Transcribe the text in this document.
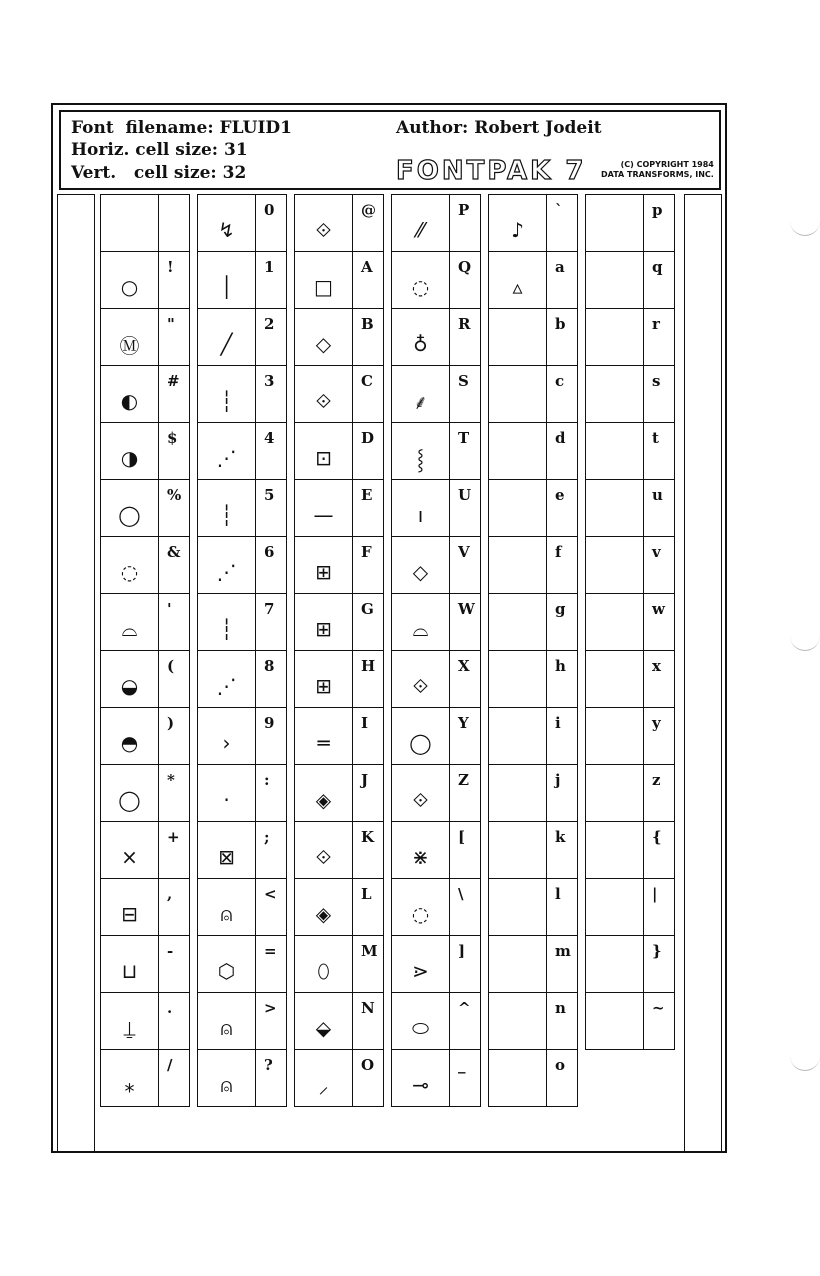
Font  filename: FLUID1	Author: Robert Jodeit
Horiz. cell size: 31
Vert.   cell size: 32	FONTPAK 7	(C) COPYRIGHT 1984
DATA TRANSFORMS, INC.

○	!

Ⓜ	"

◐	#

◑	$

◯	%

◌	&

⌓	'

◒	(

◓	)

◯	*

×	+

⊟	,

⊔	-

⍊	.

⁎	/
↯	0

│	1

╱	2

┆	3

⋰	4

┆	5

⋰	6

┆	7

⋰	8

›	9

·	:

⊠	;

⍝	<

⬡	=

⍝	>

⍝	?
⟐	@

□	A

◇	B

⟐	C

⊡	D

—	E

⊞	F

⊞	G

⊞	H

═	I

◈	J

⟐	K

◈	L

⬯	M

⬙	N

⸝	O
⁄⁄	P

◌	Q

♁	R

⸙	S

⸾	T

ı	U

◇	V

⌓	W

⟐	X

◯	Y

⟐	Z

⋇	[

◌	\

⋗	]

⬭	^

⊸	_
♪	`

▵	a

	b

	c

	d

	e

	f

	g

	h

	i

	j

	k

	l

	m

	n

	o

	p

	q

	r

	s

	t

	u

	v

	w

	x

	y

	z

	{

	|

	}

	~
